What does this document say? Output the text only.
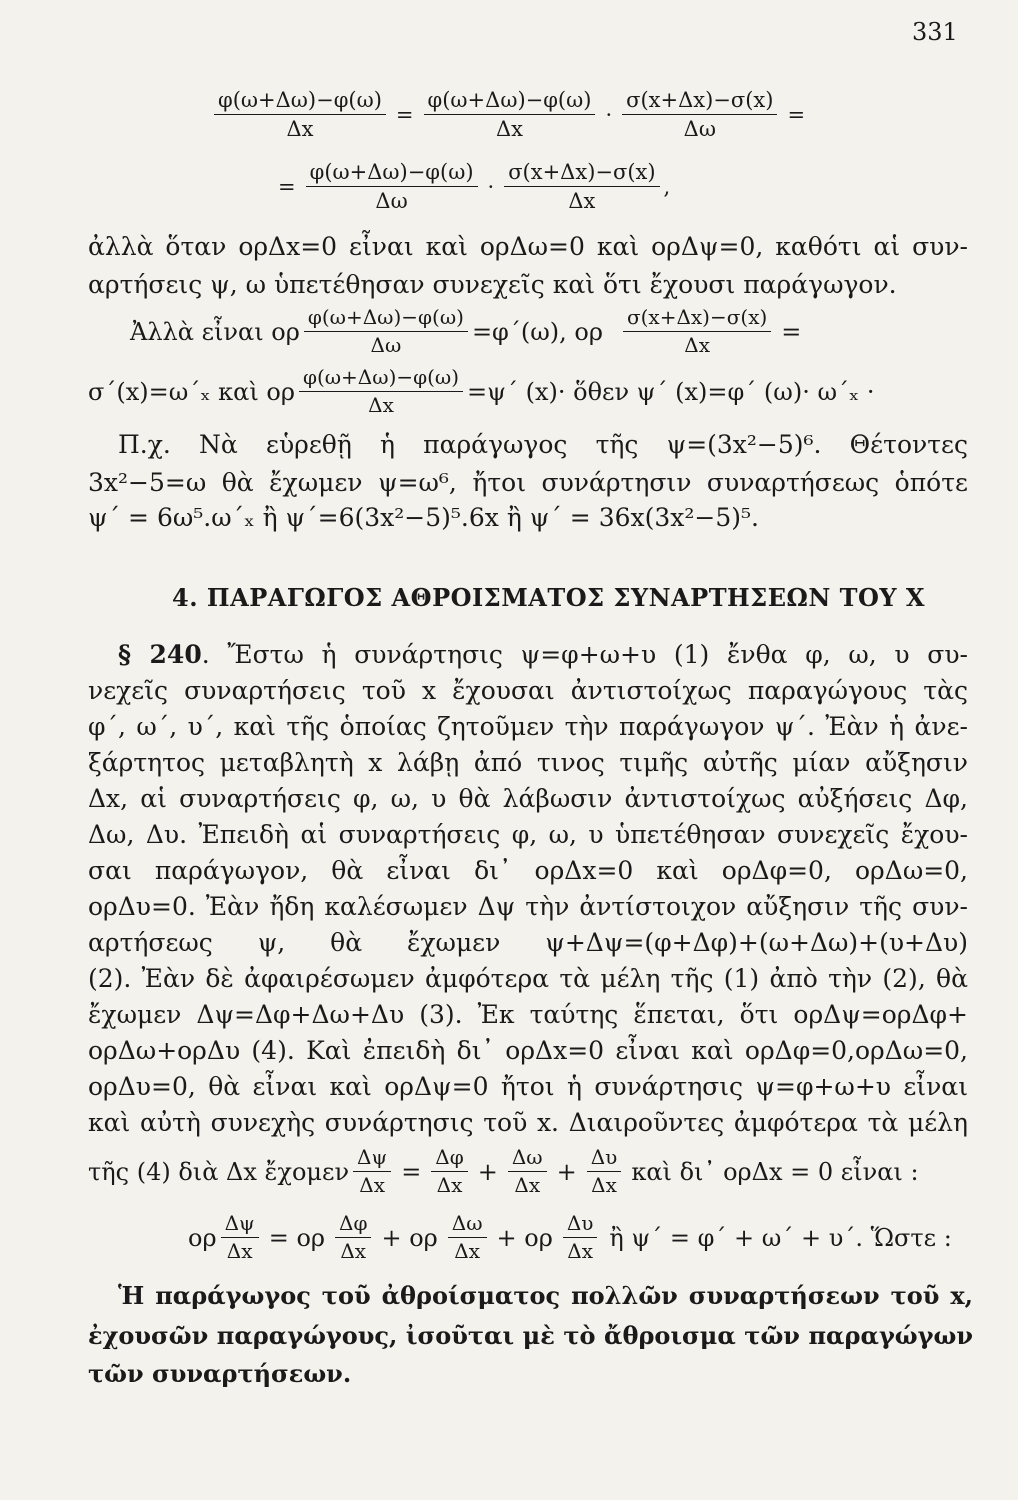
331
$\frac{\varphi(\omega+\Delta\omega)-\varphi(\omega)}{\Delta x} = \frac{\varphi(\omega+\Delta\omega)-\varphi(\omega)}{\Delta x} \cdot \frac{\sigma(x+\Delta x)-\sigma(x)}{\Delta\omega}$ =
= $\frac{\varphi(\omega+\Delta\omega)-\varphi(\omega)}{\Delta\omega} \cdot \frac{\sigma(x+\Delta x)-\sigma(x)}{\Delta x}$ ,
ἀλλὰ ὅταν ορΔx=0 εἶναι καὶ ορΔω=0 καὶ ορΔψ=0, καθότι αἱ συν-
αρτήσεις ψ, ω ὑπετέθησαν συνεχεῖς καὶ ὅτι ἔχουσι παράγωγον.
Ἀλλὰ εἶναι ορ $\frac{\varphi(\omega+\Delta\omega)-\varphi(\omega)}{\Delta\omega} =\varphi΄(\omega)$, ορ $\frac{\sigma(x+\Delta x)-\sigma(x)}{\Delta x}$ =
σ΄(x)=ω΄ₓ καὶ ορ $\frac{\varphi(\omega+\Delta\omega)-\varphi(\omega)}{\Delta x} =\psi΄$ (x)· ὅθεν ψ΄ (x)=φ΄ (ω)· ω΄ₓ ·
Π.χ. Νὰ εὑρεθῇ ἡ παράγωγος τῆς ψ=(3x²−5)⁶. Θέτοντες
3x²−5=ω θὰ ἔχωμεν ψ=ω⁶, ἤτοι συνάρτησιν συναρτήσεως ὁπότε
ψ΄ = 6ω⁵.ω΄ₓ ἢ ψ΄=6(3x²−5)⁵.6x ἢ ψ΄ = 36x(3x²−5)⁵.
4. ΠΑΡΑΓΩΓΟΣ ΑΘΡΟΙΣΜΑΤΟΣ ΣΥΝΑΡΤΗΣΕΩΝ ΤΟΥ Χ
§ 240. Ἔστω ἡ συνάρτησις ψ=φ+ω+υ (1) ἔνθα φ, ω, υ συ-
νεχεῖς συναρτήσεις τοῦ x ἔχουσαι ἀντιστοίχως παραγώγους τὰς
φ΄, ω΄, υ΄, καὶ τῆς ὁποίας ζητοῦμεν τὴν παράγωγον ψ΄. Ἐὰν ἡ ἀνε-
ξάρτητος μεταβλητὴ x λάβῃ ἀπό τινος τιμῆς αὐτῆς μίαν αὔξησιν
Δx, αἱ συναρτήσεις φ, ω, υ θὰ λάβωσιν ἀντιστοίχως αὐξήσεις Δφ,
Δω, Δυ. Ἐπειδὴ αἱ συναρτήσεις φ, ω, υ ὑπετέθησαν συνεχεῖς ἔχου-
σαι παράγωγον, θὰ εἶναι δι᾽ ορΔx=0 καὶ ορΔφ=0, ορΔω=0,
ορΔυ=0. Ἐὰν ἤδη καλέσωμεν Δψ τὴν ἀντίστοιχον αὔξησιν τῆς συν-
αρτήσεως ψ, θὰ ἔχωμεν ψ+Δψ=(φ+Δφ)+(ω+Δω)+(υ+Δυ)
(2). Ἐὰν δὲ ἀφαιρέσωμεν ἀμφότερα τὰ μέλη τῆς (1) ἀπὸ τὴν (2), θὰ
ἔχωμεν Δψ=Δφ+Δω+Δυ (3). Ἐκ ταύτης ἕπεται, ὅτι ορΔψ=ορΔφ+
ορΔω+ορΔυ (4). Καὶ ἐπειδὴ δι᾽ ορΔx=0 εἶναι καὶ ορΔφ=0,ορΔω=0,
ορΔυ=0, θὰ εἶναι καὶ ορΔψ=0 ἤτοι ἡ συνάρτησις ψ=φ+ω+υ εἶναι
καὶ αὐτὴ συνεχὴς συνάρτησις τοῦ x. Διαιροῦντες ἀμφότερα τὰ μέλη
τῆς (4) διὰ Δx ἔχομεν $\frac{\Delta\psi}{\Delta x} = \frac{\Delta\varphi}{\Delta x} + \frac{\Delta\omega}{\Delta x} + \frac{\Delta\upsilon}{\Delta x}$ καὶ δι᾽ ορΔx = 0 εἶναι :
ορ $\frac{\Delta\psi}{\Delta x} = o\rho \frac{\Delta\varphi}{\Delta x} + o\rho \frac{\Delta\omega}{\Delta x} + o\rho \frac{\Delta\upsilon}{\Delta x}$ ἢ ψ΄ = φ΄ + ω΄ + υ΄. Ὥστε :
Ἡ παράγωγος τοῦ ἀθροίσματος πολλῶν συναρτήσεων τοῦ x,
ἐχουσῶν παραγώγους, ἰσοῦται μὲ τὸ ἄθροισμα τῶν παραγώγων
τῶν συναρτήσεων.
